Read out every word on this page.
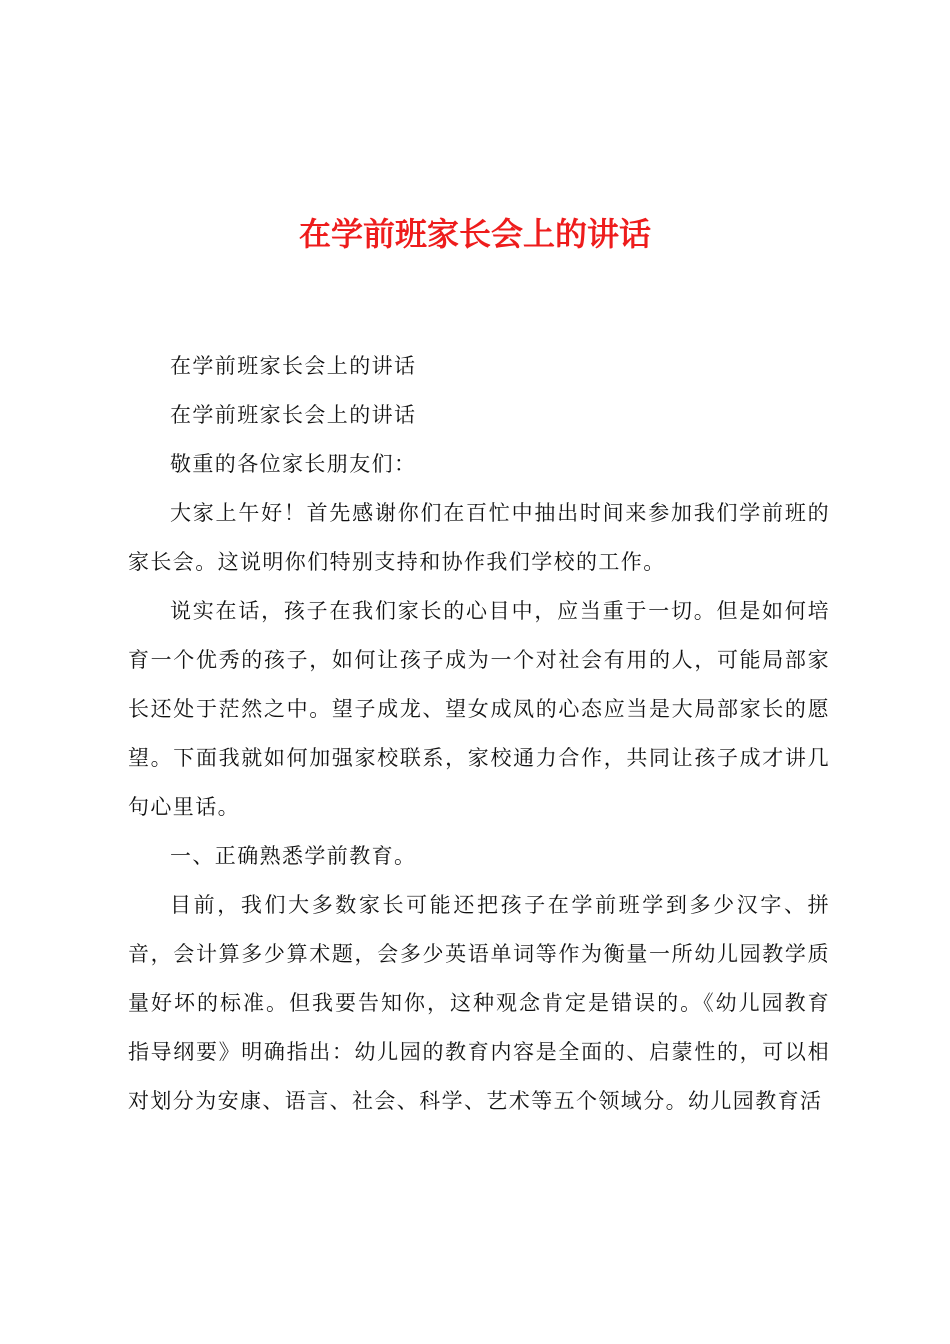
在学前班家长会上的讲话

在学前班家长会上的讲话

在学前班家长会上的讲话

敬重的各位家长朋友们：

大家上午好！首先感谢你们在百忙中抽出时间来参加我们学前班的家长会。这说明你们特别支持和协作我们学校的工作。

说实在话，孩子在我们家长的心目中，应当重于一切。但是如何培育一个优秀的孩子，如何让孩子成为一个对社会有用的人，可能局部家长还处于茫然之中。望子成龙、望女成凤的心态应当是大局部家长的愿望。下面我就如何加强家校联系，家校通力合作，共同让孩子成才讲几句心里话。

一、正确熟悉学前教育。

目前，我们大多数家长可能还把孩子在学前班学到多少汉字、拼音，会计算多少算术题，会多少英语单词等作为衡量一所幼儿园教学质量好坏的标准。但我要告知你，这种观念肯定是错误的。《幼儿园教育指导纲要》明确指出：幼儿园的教育内容是全面的、启蒙性的，可以相对划分为安康、语言、社会、科学、艺术等五个领域分。幼儿园教育活
